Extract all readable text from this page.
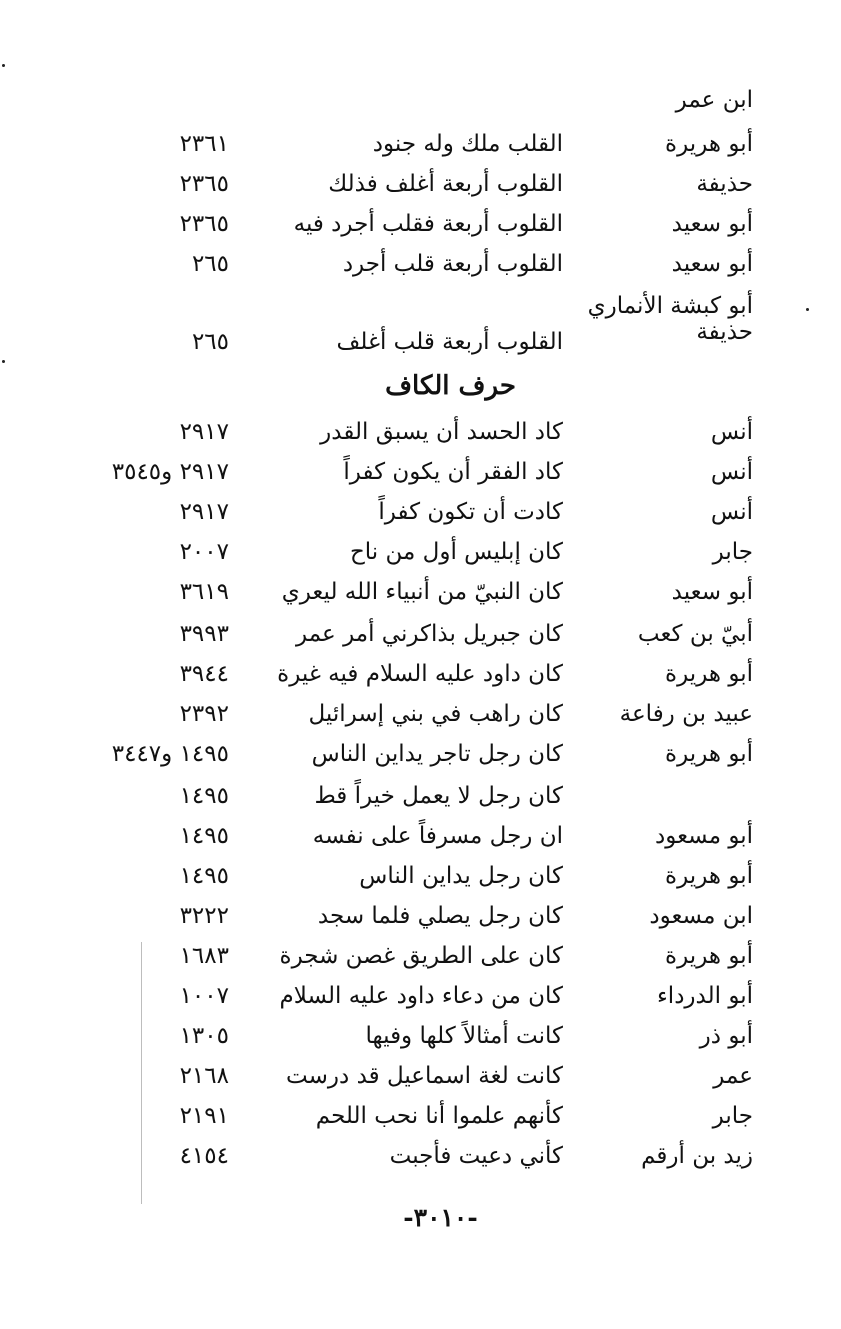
ابن عمر
أبو هريرة
القلب ملك وله جنود
٢٣٦١
حذيفة
القلوب أربعة أغلف فذلك
٢٣٦٥
أبو سعيد
القلوب أربعة فقلب أجرد فيه
٢٣٦٥
أبو سعيد
القلوب أربعة قلب أجرد
٢٦٥
أبو كبشة الأنماري
حذيفة
القلوب أربعة قلب أغلف
٢٦٥
حرف الكاف
أنس
كاد الحسد أن يسبق القدر
٢٩١٧
أنس
كاد الفقر أن يكون كفراً
٢٩١٧ و٣٥٤٥
أنس
كادت أن تكون كفراً
٢٩١٧
جابر
كان إبليس أول من ناح
٢٠٠٧
أبو سعيد
كان النبيّ من أنبياء الله ليعري
٣٦١٩
أبيّ بن كعب
كان جبريل بذاكرني أمر عمر
٣٩٩٣
أبو هريرة
كان داود عليه السلام فيه غيرة
٣٩٤٤
عبيد بن رفاعة
كان راهب في بني إسرائيل
٢٣٩٢
أبو هريرة
كان رجل تاجر يداين الناس
١٤٩٥ و٣٤٤٧
كان رجل لا يعمل خيراً قط
١٤٩٥
أبو مسعود
ان رجل مسرفاً على نفسه
١٤٩٥
أبو هريرة
كان رجل يداين الناس
١٤٩٥
ابن مسعود
كان رجل يصلي فلما سجد
٣٢٢٢
أبو هريرة
كان على الطريق غصن شجرة
١٦٨٣
أبو الدرداء
كان من دعاء داود عليه السلام
١٠٠٧
أبو ذر
كانت أمثالاً كلها وفيها
١٣٠٥
عمر
كانت لغة اسماعيل قد درست
٢١٦٨
جابر
كأنهم علموا أنا نحب اللحم
٢١٩١
زيد بن أرقم
كأني دعيت فأجبت
٤١٥٤
-٣٠١٠-
